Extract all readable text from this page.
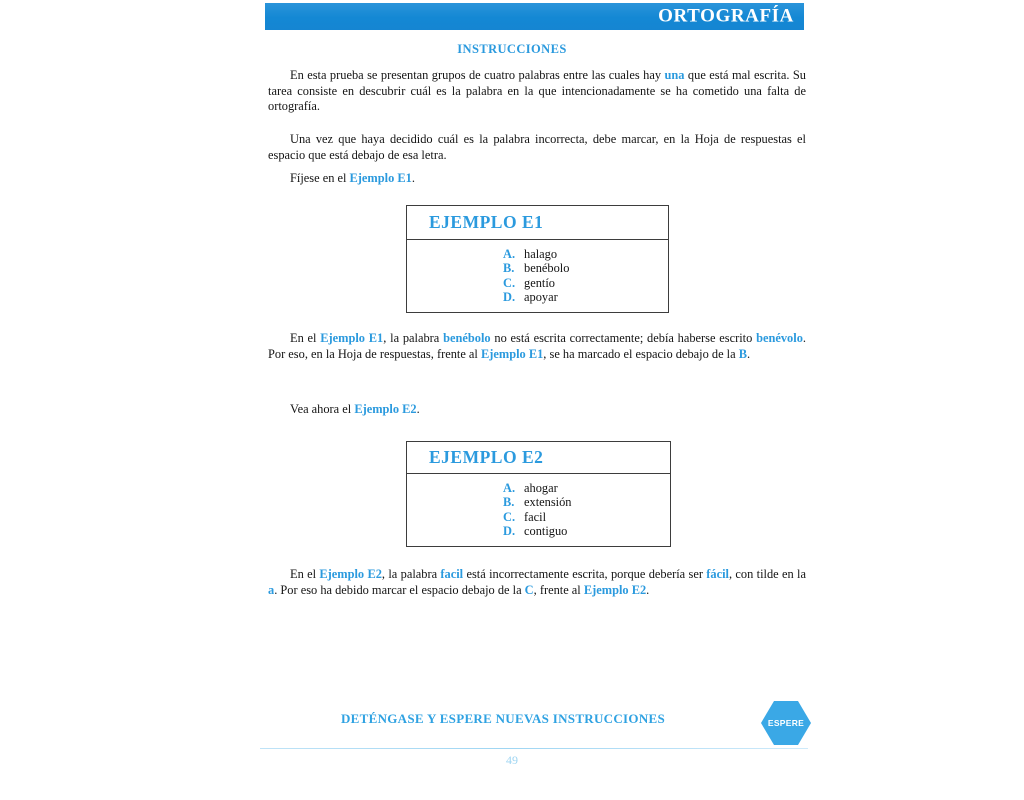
ORTOGRAFÍA
INSTRUCCIONES

En esta prueba se presentan grupos de cuatro palabras entre las cuales hay una que está mal escrita. Su tarea consiste en descubrir cuál es la palabra en la que intencionadamente se ha cometido una falta de ortografía.

Una vez que haya decidido cuál es la palabra incorrecta, debe marcar, en la Hoja de respuestas el espacio que está debajo de esa letra.

Fíjese en el Ejemplo E1.

EJEMPLO E1
A. halago
B. benébolo
C. gentío
D. apoyar

En el Ejemplo E1, la palabra benébolo no está escrita correctamente; debía haberse escrito benévolo. Por eso, en la Hoja de respuestas, frente al Ejemplo E1, se ha marcado el espacio debajo de la B.

Vea ahora el Ejemplo E2.

EJEMPLO E2
A. ahogar
B. extensión
C. facil
D. contiguo

En el Ejemplo E2, la palabra facil está incorrectamente escrita, porque debería ser fácil, con tilde en la a. Por eso ha debido marcar el espacio debajo de la C, frente al Ejemplo E2.

DETÉNGASE Y ESPERE NUEVAS INSTRUCCIONES	ESPERE
49
